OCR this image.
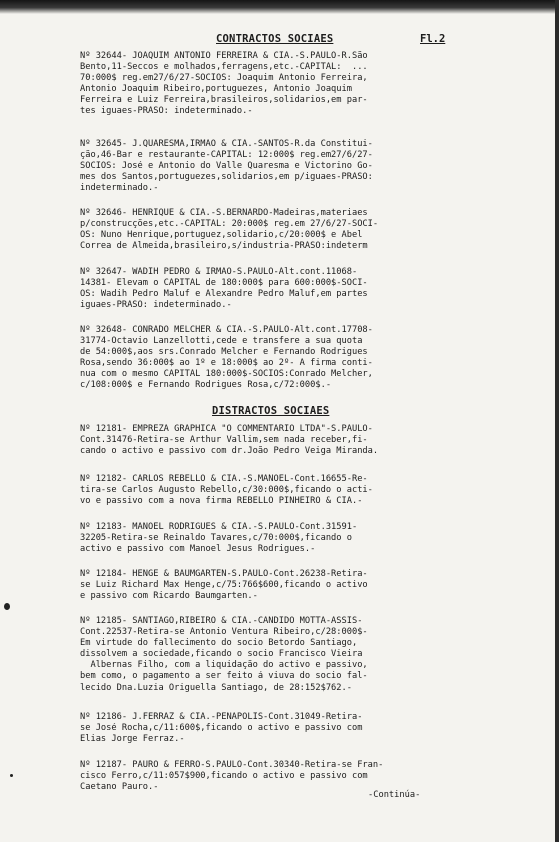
CONTRACTOS SOCIAES	Fl.2
Nº 32644- JOAQUIM ANTONIO FERREIRA & CIA.-S.PAULO-R.São
Bento,11-Seccos e molhados,ferragens,etc.-CAPITAL:  ...
70:000$ reg.em27/6/27-SOCIOS: Joaquim Antonio Ferreira,
Antonio Joaquim Ribeiro,portuguezes, Antonio Joaquim
Ferreira e Luiz Ferreira,brasileiros,solidarios,em par-
tes iguaes-PRASO: indeterminado.-
Nº 32645- J.QUARESMA,IRMÃO & CIA.-SANTOS-R.da Constitui-
ção,46-Bar e restaurante-CAPITAL: 12:000$ reg.em27/6/27-
SOCIOS: José e Antonio do Valle Quaresma e Victorino Go-
mes dos Santos,portuguezes,solidarios,em p/iguaes-PRASO:
indeterminado.-
Nº 32646- HENRIQUE & CIA.-S.BERNARDO-Madeiras,materiaes
p/construcções,etc.-CAPITAL: 20:000$ reg.em 27/6/27-SOCI-
OS: Nuno Henrique,portuguez,solidario,c/20:000$ e Abel
Correa de Almeida,brasileiro,s/industria-PRASO:indeterm
Nº 32647- WADIH PEDRO & IRMÃO-S.PAULO-Alt.cont.11068-
14381- Elevam o CAPITAL de 180:000$ para 600:000$-SOCI-
OS: Wadih Pedro Maluf e Alexandre Pedro Maluf,em partes
iguaes-PRASO: indeterminado.-
Nº 32648- CONRADO MELCHER & CIA.-S.PAULO-Alt.cont.17708-
31774-Octavio Lanzellotti,cede e transfere a sua quota
de 54:000$,aos srs.Conrado Melcher e Fernando Rodrigues
Rosa,sendo 36:000$ ao 1º e 18:000$ ao 2º- A firma conti-
nua com o mesmo CAPITAL 180:000$-SOCIOS:Conrado Melcher,
c/108:000$ e Fernando Rodrigues Rosa,c/72:000$.-
DISTRACTOS SOCIAES
Nº 12181- EMPREZA GRAPHICA "O COMMENTARIO LTDA"-S.PAULO-
Cont.31476-Retira-se Arthur Vallim,sem nada receber,fi-
cando o activo e passivo com dr.João Pedro Veiga Miranda.
Nº 12182- CARLOS REBELLO & CIA.-S.MANOEL-Cont.16655-Re-
tira-se Carlos Augusto Rebello,c/30:000$,ficando o acti-
vo e passivo com a nova firma REBELLO PINHEIRO & CIA.-
Nº 12183- MANOEL RODRIGUES & CIA.-S.PAULO-Cont.31591-
32205-Retira-se Reinaldo Tavares,c/70:000$,ficando o
activo e passivo com Manoel Jesus Rodrigues.-
Nº 12184- HENGE & BAUMGARTEN-S.PAULO-Cont.26238-Retira-
se Luiz Richard Max Henge,c/75:766$600,ficando o activo
e passivo com Ricardo Baumgarten.-
Nº 12185- SANTIAGO,RIBEIRO & CIA.-CANDIDO MOTTA-ASSIS-
Cont.22537-Retira-se Antonio Ventura Ribeiro,c/28:000$-
Em virtude do fallecimento do socio Betordo Santiago,
dissolvem a sociedade,ficando o socio Francisco Vieira
Albernas Filho, com a liquidação do activo e passivo,
bem como, o pagamento a ser feito á viuva do socio fal-
lecido Dna.Luzia Origuella Santiago, de 28:152$762.-
Nº 12186- J.FERRAZ & CIA.-PENAPOLIS-Cont.31049-Retira-
se José Rocha,c/11:600$,ficando o activo e passivo com
Elias Jorge Ferraz.-
Nº 12187- PAURO & FERRO-S.PAULO-Cont.30340-Retira-se Fran-
cisco Ferro,c/11:057$900,ficando o activo e passivo com
Caetano Pauro.-
-Continúa-
